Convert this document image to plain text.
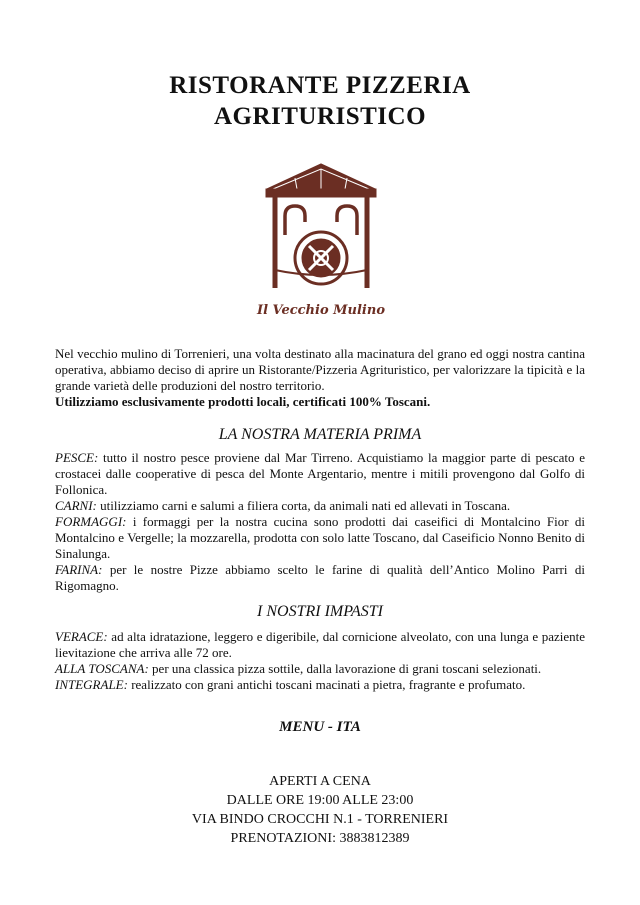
RISTORANTE PIZZERIA
AGRITURISTICO
Il Vecchio Mulino
Nel vecchio mulino di Torrenieri, una volta destinato alla macinatura del grano ed oggi nostra cantina operativa, abbiamo deciso di aprire un Ristorante/Pizzeria Agrituristico, per valorizzare la tipicità e la grande varietà delle produzioni del nostro territorio.
Utilizziamo esclusivamente prodotti locali, certificati 100% Toscani.
LA NOSTRA MATERIA PRIMA
PESCE: tutto il nostro pesce proviene dal Mar Tirreno. Acquistiamo la maggior parte di pescato e crostacei dalle cooperative di pesca del Monte Argentario, mentre i mitili provengono dal Golfo di Follonica.
CARNI: utilizziamo carni e salumi a filiera corta, da animali nati ed allevati in Toscana.
FORMAGGI: i formaggi per la nostra cucina sono prodotti dai caseifici di Montalcino Fior di Montalcino e Vergelle; la mozzarella, prodotta con solo latte Toscano, dal Caseificio Nonno Benito di Sinalunga.
FARINA: per le nostre Pizze abbiamo scelto le farine di qualità dell’Antico Molino Parri di Rigomagno.
I NOSTRI IMPASTI
VERACE: ad alta idratazione, leggero e digeribile, dal cornicione alveolato, con una lunga e paziente lievitazione che arriva alle 72 ore.
ALLA TOSCANA: per una classica pizza sottile, dalla lavorazione di grani toscani selezionati.
INTEGRALE: realizzato con grani antichi toscani macinati a pietra, fragrante e profumato.
MENU - ITA
APERTI A CENA
DALLE ORE 19:00 ALLE 23:00
VIA BINDO CROCCHI N.1 - TORRENIERI
PRENOTAZIONI: 3883812389
